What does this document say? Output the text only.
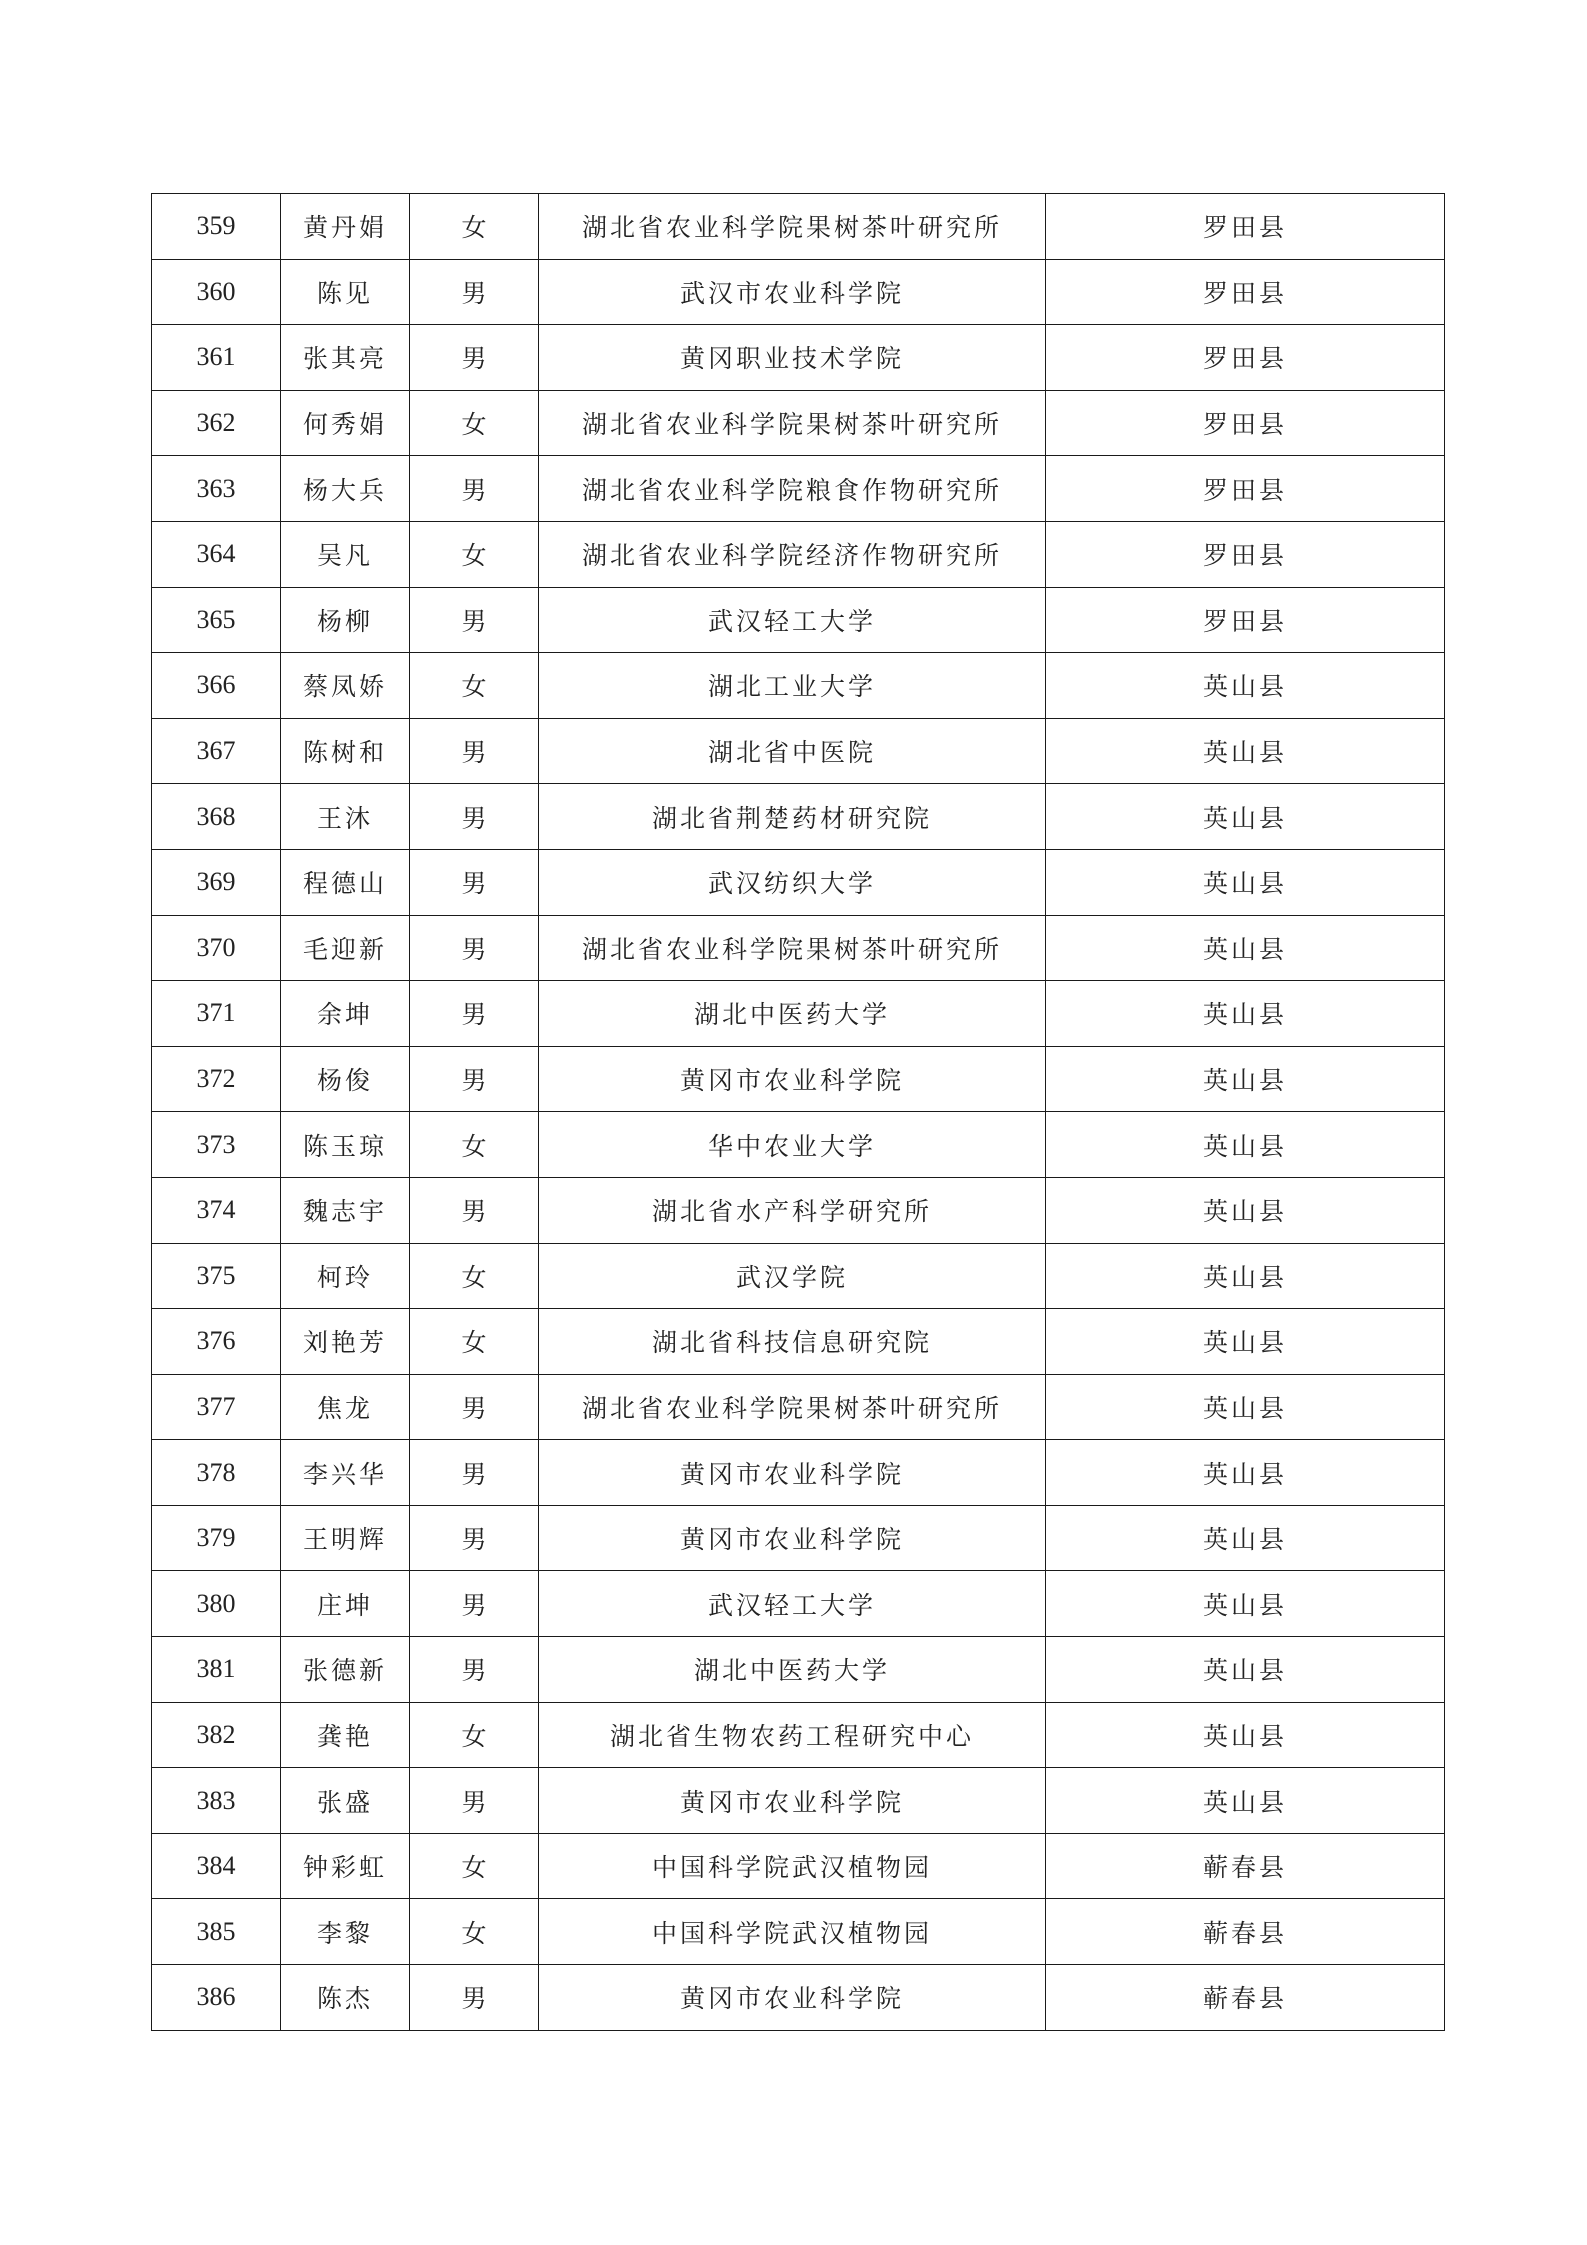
359	黄丹娟	女	湖北省农业科学院果树茶叶研究所	罗田县
360	陈见	男	武汉市农业科学院	罗田县
361	张其亮	男	黄冈职业技术学院	罗田县
362	何秀娟	女	湖北省农业科学院果树茶叶研究所	罗田县
363	杨大兵	男	湖北省农业科学院粮食作物研究所	罗田县
364	吴凡	女	湖北省农业科学院经济作物研究所	罗田县
365	杨柳	男	武汉轻工大学	罗田县
366	蔡凤娇	女	湖北工业大学	英山县
367	陈树和	男	湖北省中医院	英山县
368	王沐	男	湖北省荆楚药材研究院	英山县
369	程德山	男	武汉纺织大学	英山县
370	毛迎新	男	湖北省农业科学院果树茶叶研究所	英山县
371	余坤	男	湖北中医药大学	英山县
372	杨俊	男	黄冈市农业科学院	英山县
373	陈玉琼	女	华中农业大学	英山县
374	魏志宇	男	湖北省水产科学研究所	英山县
375	柯玲	女	武汉学院	英山县
376	刘艳芳	女	湖北省科技信息研究院	英山县
377	焦龙	男	湖北省农业科学院果树茶叶研究所	英山县
378	李兴华	男	黄冈市农业科学院	英山县
379	王明辉	男	黄冈市农业科学院	英山县
380	庄坤	男	武汉轻工大学	英山县
381	张德新	男	湖北中医药大学	英山县
382	龚艳	女	湖北省生物农药工程研究中心	英山县
383	张盛	男	黄冈市农业科学院	英山县
384	钟彩虹	女	中国科学院武汉植物园	蕲春县
385	李黎	女	中国科学院武汉植物园	蕲春县
386	陈杰	男	黄冈市农业科学院	蕲春县
